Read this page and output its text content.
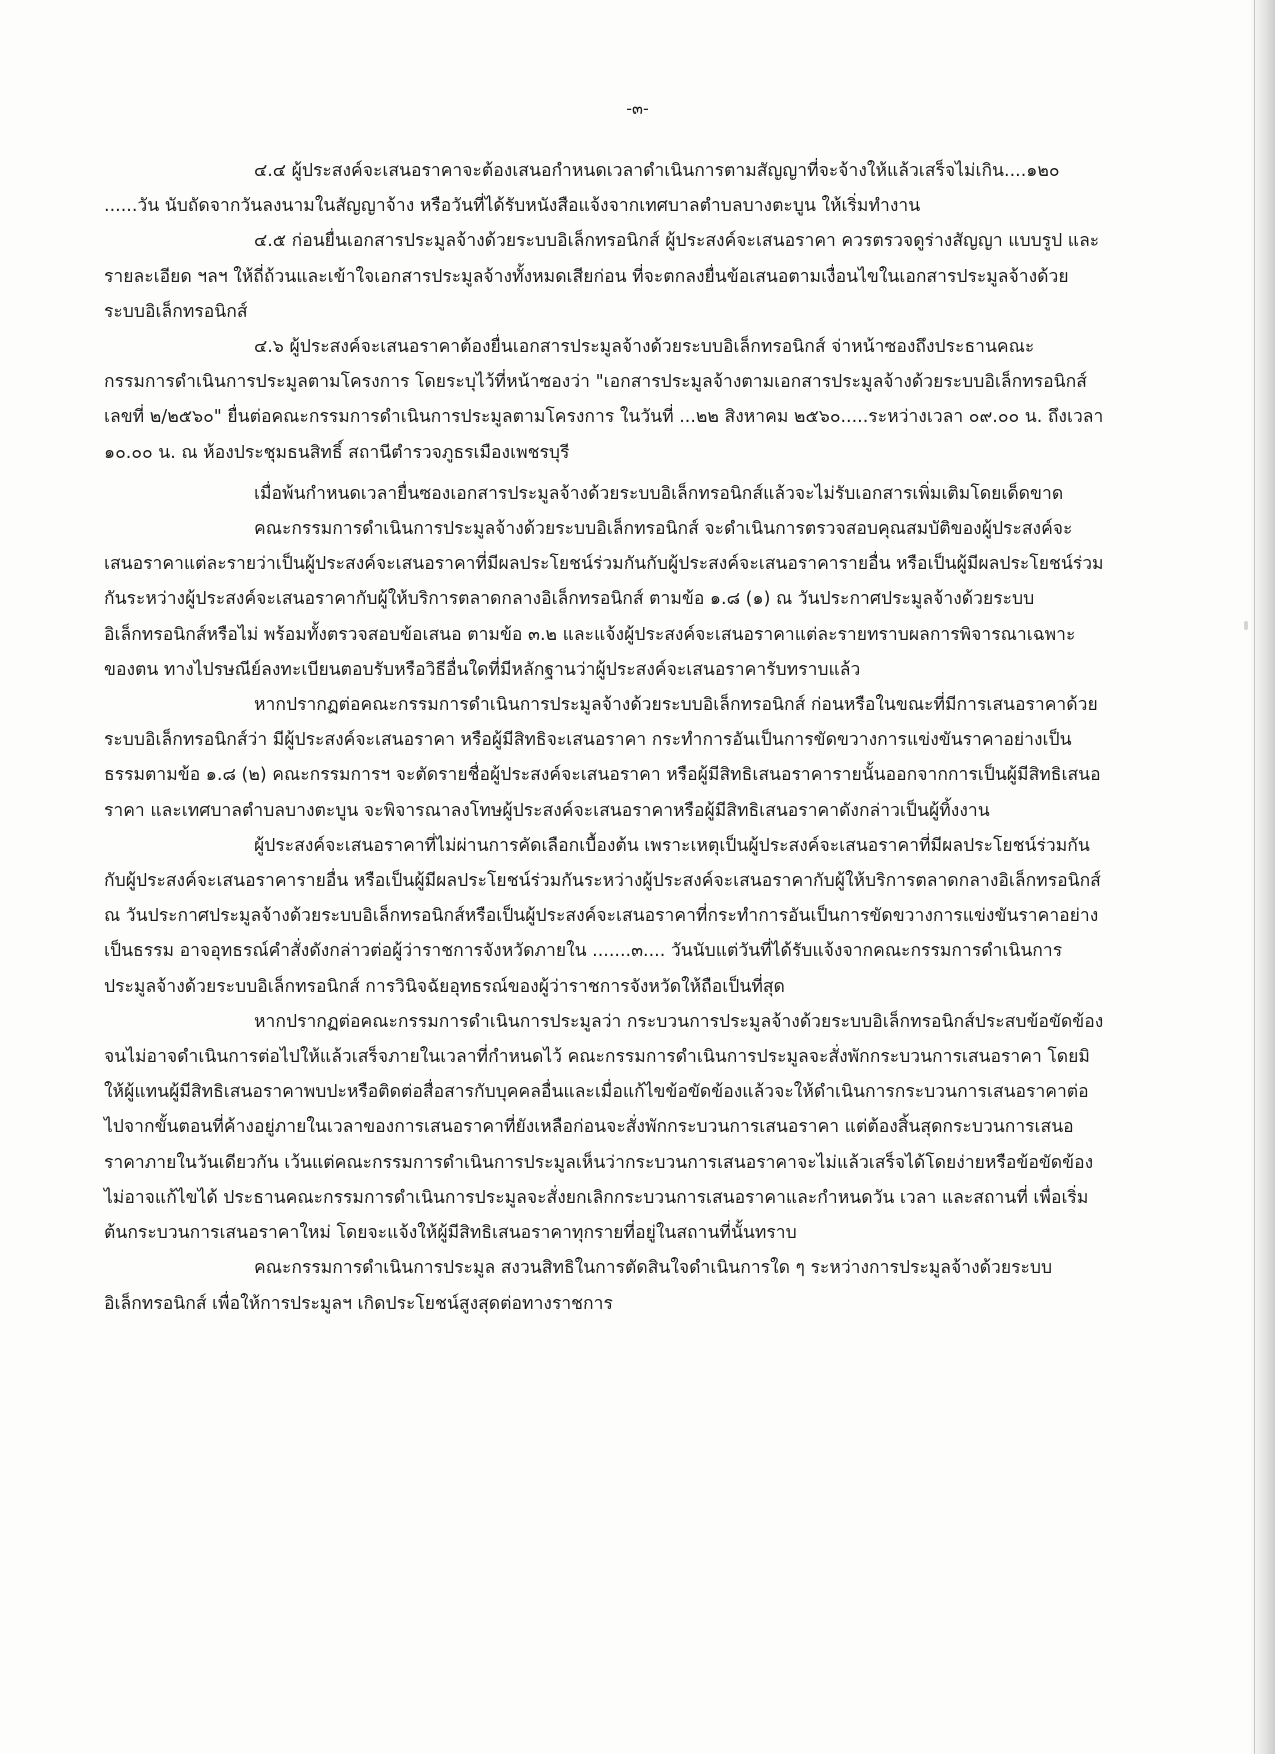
-๓-

๔.๔ ผู้ประสงค์จะเสนอราคาจะต้องเสนอกำหนดเวลาดำเนินการตามสัญญาที่จะจ้างให้แล้วเสร็จไม่เกิน....๑๒๐ ......วัน นับถัดจากวันลงนามในสัญญาจ้าง หรือวันที่ได้รับหนังสือแจ้งจากเทศบาลตำบลบางตะบูน ให้เริ่มทำงาน

๔.๕ ก่อนยื่นเอกสารประมูลจ้างด้วยระบบอิเล็กทรอนิกส์ ผู้ประสงค์จะเสนอราคา ควรตรวจดูร่างสัญญา แบบรูป และรายละเอียด ฯลฯ ให้ถี่ถ้วนและเข้าใจเอกสารประมูลจ้างทั้งหมดเสียก่อน ที่จะตกลงยื่นข้อเสนอตามเงื่อนไขในเอกสารประมูลจ้างด้วยระบบอิเล็กทรอนิกส์

๔.๖ ผู้ประสงค์จะเสนอราคาต้องยื่นเอกสารประมูลจ้างด้วยระบบอิเล็กทรอนิกส์ จ่าหน้าซองถึงประธานคณะกรรมการดำเนินการประมูลตามโครงการ โดยระบุไว้ที่หน้าซองว่า "เอกสารประมูลจ้างตามเอกสารประมูลจ้างด้วยระบบอิเล็กทรอนิกส์ เลขที่ ๒/๒๕๖๐" ยื่นต่อคณะกรรมการดำเนินการประมูลตามโครงการ ในวันที่ ...๒๒ สิงหาคม ๒๕๖๐.....ระหว่างเวลา ๐๙.๐๐ น. ถึงเวลา ๑๐.๐๐ น. ณ ห้องประชุมธนสิทธิ์ สถานีตำรวจภูธรเมืองเพชรบุรี

เมื่อพ้นกำหนดเวลายื่นซองเอกสารประมูลจ้างด้วยระบบอิเล็กทรอนิกส์แล้วจะไม่รับเอกสารเพิ่มเติมโดยเด็ดขาด

คณะกรรมการดำเนินการประมูลจ้างด้วยระบบอิเล็กทรอนิกส์ จะดำเนินการตรวจสอบคุณสมบัติของผู้ประสงค์จะเสนอราคาแต่ละรายว่าเป็นผู้ประสงค์จะเสนอราคาที่มีผลประโยชน์ร่วมกันกับผู้ประสงค์จะเสนอราคารายอื่น หรือเป็นผู้มีผลประโยชน์ร่วมกันระหว่างผู้ประสงค์จะเสนอราคากับผู้ให้บริการตลาดกลางอิเล็กทรอนิกส์ ตามข้อ ๑.๘ (๑) ณ วันประกาศประมูลจ้างด้วยระบบอิเล็กทรอนิกส์หรือไม่ พร้อมทั้งตรวจสอบข้อเสนอ ตามข้อ ๓.๒ และแจ้งผู้ประสงค์จะเสนอราคาแต่ละรายทราบผลการพิจารณาเฉพาะของตน ทางไปรษณีย์ลงทะเบียนตอบรับหรือวิธีอื่นใดที่มีหลักฐานว่าผู้ประสงค์จะเสนอราคารับทราบแล้ว

หากปรากฏต่อคณะกรรมการดำเนินการประมูลจ้างด้วยระบบอิเล็กทรอนิกส์ ก่อนหรือในขณะที่มีการเสนอราคาด้วยระบบอิเล็กทรอนิกส์ว่า มีผู้ประสงค์จะเสนอราคา หรือผู้มีสิทธิจะเสนอราคา กระทำการอันเป็นการขัดขวางการแข่งขันราคาอย่างเป็นธรรมตามข้อ ๑.๘ (๒) คณะกรรมการฯ จะตัดรายชื่อผู้ประสงค์จะเสนอราคา หรือผู้มีสิทธิเสนอราคารายนั้นออกจากการเป็นผู้มีสิทธิเสนอราคา และเทศบาลตำบลบางตะบูน จะพิจารณาลงโทษผู้ประสงค์จะเสนอราคาหรือผู้มีสิทธิเสนอราคาดังกล่าวเป็นผู้ทิ้งงาน

ผู้ประสงค์จะเสนอราคาที่ไม่ผ่านการคัดเลือกเบื้องต้น เพราะเหตุเป็นผู้ประสงค์จะเสนอราคาที่มีผลประโยชน์ร่วมกันกับผู้ประสงค์จะเสนอราคารายอื่น หรือเป็นผู้มีผลประโยชน์ร่วมกันระหว่างผู้ประสงค์จะเสนอราคากับผู้ให้บริการตลาดกลางอิเล็กทรอนิกส์ ณ วันประกาศประมูลจ้างด้วยระบบอิเล็กทรอนิกส์หรือเป็นผู้ประสงค์จะเสนอราคาที่กระทำการอันเป็นการขัดขวางการแข่งขันราคาอย่างเป็นธรรม อาจอุทธรณ์คำสั่งดังกล่าวต่อผู้ว่าราชการจังหวัดภายใน .......๓.... วันนับแต่วันที่ได้รับแจ้งจากคณะกรรมการดำเนินการประมูลจ้างด้วยระบบอิเล็กทรอนิกส์ การวินิจฉัยอุทธรณ์ของผู้ว่าราชการจังหวัดให้ถือเป็นที่สุด

หากปรากฏต่อคณะกรรมการดำเนินการประมูลว่า กระบวนการประมูลจ้างด้วยระบบอิเล็กทรอนิกส์ประสบข้อขัดข้อง จนไม่อาจดำเนินการต่อไปให้แล้วเสร็จภายในเวลาที่กำหนดไว้ คณะกรรมการดำเนินการประมูลจะสั่งพักกระบวนการเสนอราคา โดยมิให้ผู้แทนผู้มีสิทธิเสนอราคาพบปะหรือติดต่อสื่อสารกับบุคคลอื่นและเมื่อแก้ไขข้อขัดข้องแล้วจะให้ดำเนินการกระบวนการเสนอราคาต่อไปจากขั้นตอนที่ค้างอยู่ภายในเวลาของการเสนอราคาที่ยังเหลือก่อนจะสั่งพักกระบวนการเสนอราคา แต่ต้องสิ้นสุดกระบวนการเสนอราคาภายในวันเดียวกัน เว้นแต่คณะกรรมการดำเนินการประมูลเห็นว่ากระบวนการเสนอราคาจะไม่แล้วเสร็จได้โดยง่ายหรือข้อขัดข้องไม่อาจแก้ไขได้ ประธานคณะกรรมการดำเนินการประมูลจะสั่งยกเลิกกระบวนการเสนอราคาและกำหนดวัน เวลา และสถานที่ เพื่อเริ่มต้นกระบวนการเสนอราคาใหม่ โดยจะแจ้งให้ผู้มีสิทธิเสนอราคาทุกรายที่อยู่ในสถานที่นั้นทราบ

คณะกรรมการดำเนินการประมูล สงวนสิทธิในการตัดสินใจดำเนินการใด ๆ ระหว่างการประมูลจ้างด้วยระบบอิเล็กทรอนิกส์ เพื่อให้การประมูลฯ เกิดประโยชน์สูงสุดต่อทางราชการ
